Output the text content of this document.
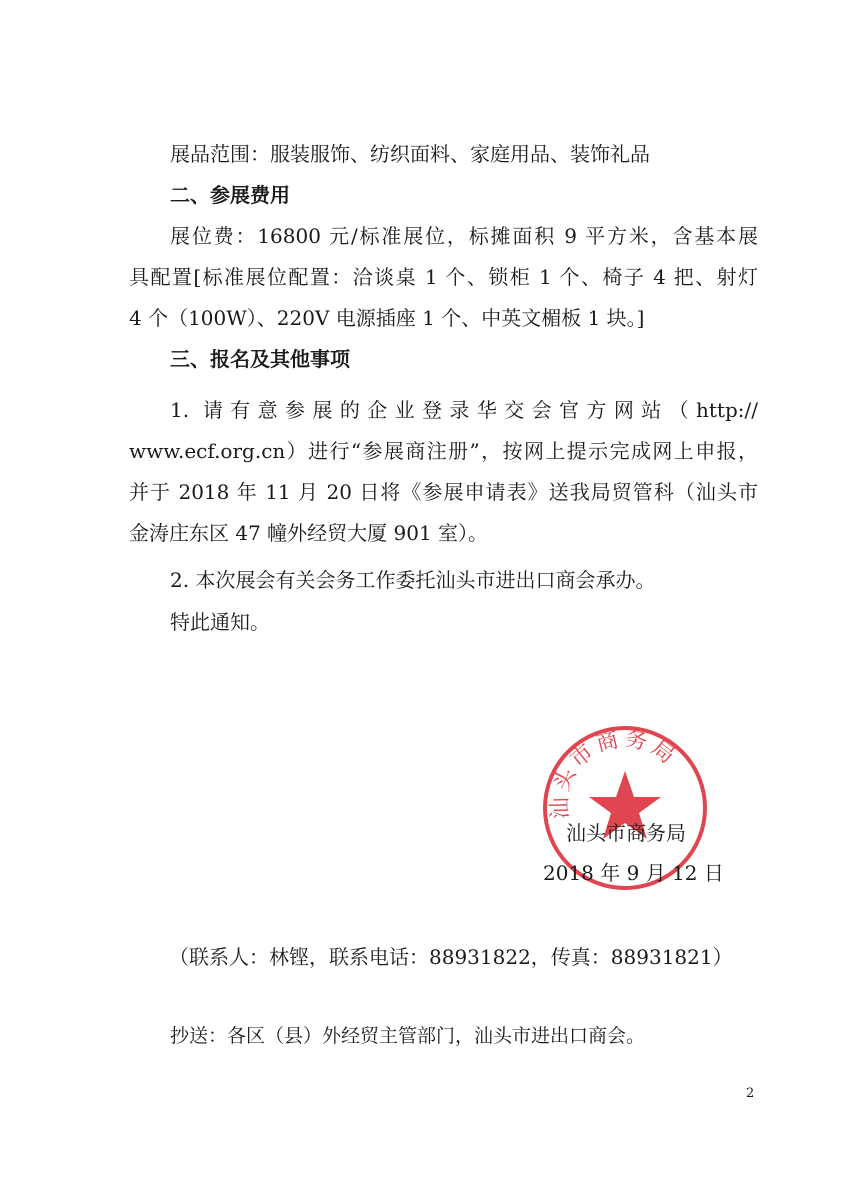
展品范围：服装服饰、纺织面料、家庭用品、装饰礼品
二、参展费用
展位费：16800 元/标准展位，标摊面积 9 平方米，含基本展
具配置[标准展位配置：洽谈桌 1 个、锁柜 1 个、椅子 4 把、射灯
4 个（100W）、220V 电源插座 1 个、中英文楣板 1 块。]
三、报名及其他事项
1. 请有意参展的企业登录华交会官方网站（http://
www.ecf.org.cn）进行“参展商注册”，按网上提示完成网上申报，
并于 2018 年 11 月 20 日将《参展申请表》送我局贸管科（汕头市
金涛庄东区 47 幢外经贸大厦 901 室）。
2. 本次展会有关会务工作委托汕头市进出口商会承办。
特此通知。
汕头市商务局
汕头市商务局
2018 年 9 月 12 日
（联系人：林铿，联系电话：88931822，传真：88931821）
抄送：各区（县）外经贸主管部门，汕头市进出口商会。
2
